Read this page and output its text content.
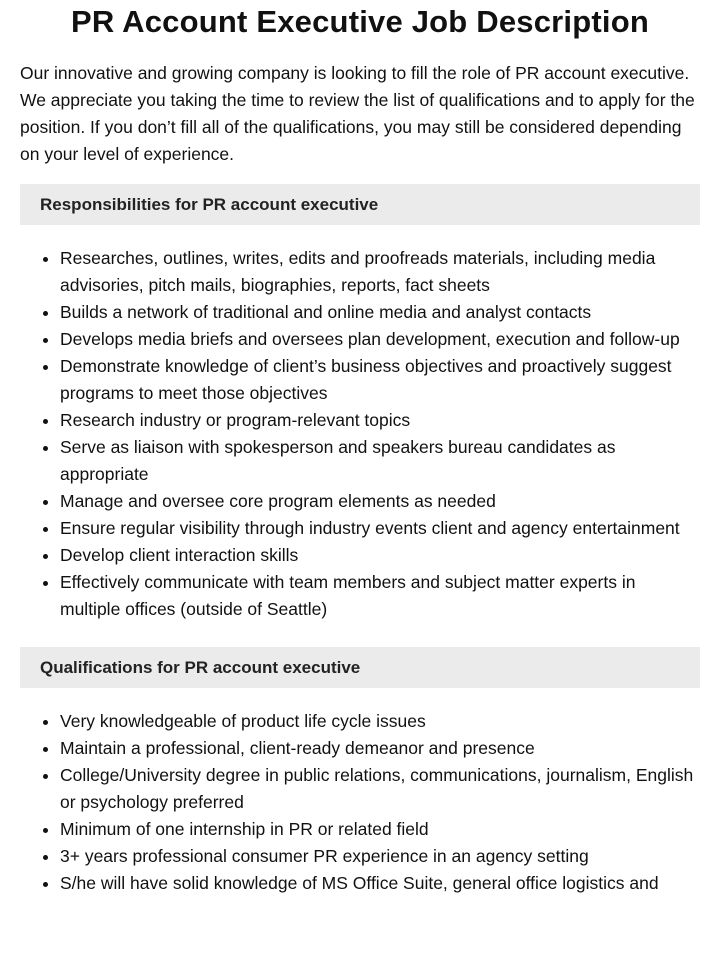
PR Account Executive Job Description

Our innovative and growing company is looking to fill the role of PR account executive. We appreciate you taking the time to review the list of qualifications and to apply for the position. If you don’t fill all of the qualifications, you may still be considered depending on your level of experience.

Responsibilities for PR account executive
• Researches, outlines, writes, edits and proofreads materials, including media advisories, pitch mails, biographies, reports, fact sheets
• Builds a network of traditional and online media and analyst contacts
• Develops media briefs and oversees plan development, execution and follow-up
• Demonstrate knowledge of client’s business objectives and proactively suggest programs to meet those objectives
• Research industry or program-relevant topics
• Serve as liaison with spokesperson and speakers bureau candidates as appropriate
• Manage and oversee core program elements as needed
• Ensure regular visibility through industry events client and agency entertainment
• Develop client interaction skills
• Effectively communicate with team members and subject matter experts in multiple offices (outside of Seattle)
Qualifications for PR account executive
• Very knowledgeable of product life cycle issues
• Maintain a professional, client-ready demeanor and presence
• College/University degree in public relations, communications, journalism, English or psychology preferred
• Minimum of one internship in PR or related field
• 3+ years professional consumer PR experience in an agency setting
• S/he will have solid knowledge of MS Office Suite, general office logistics and
